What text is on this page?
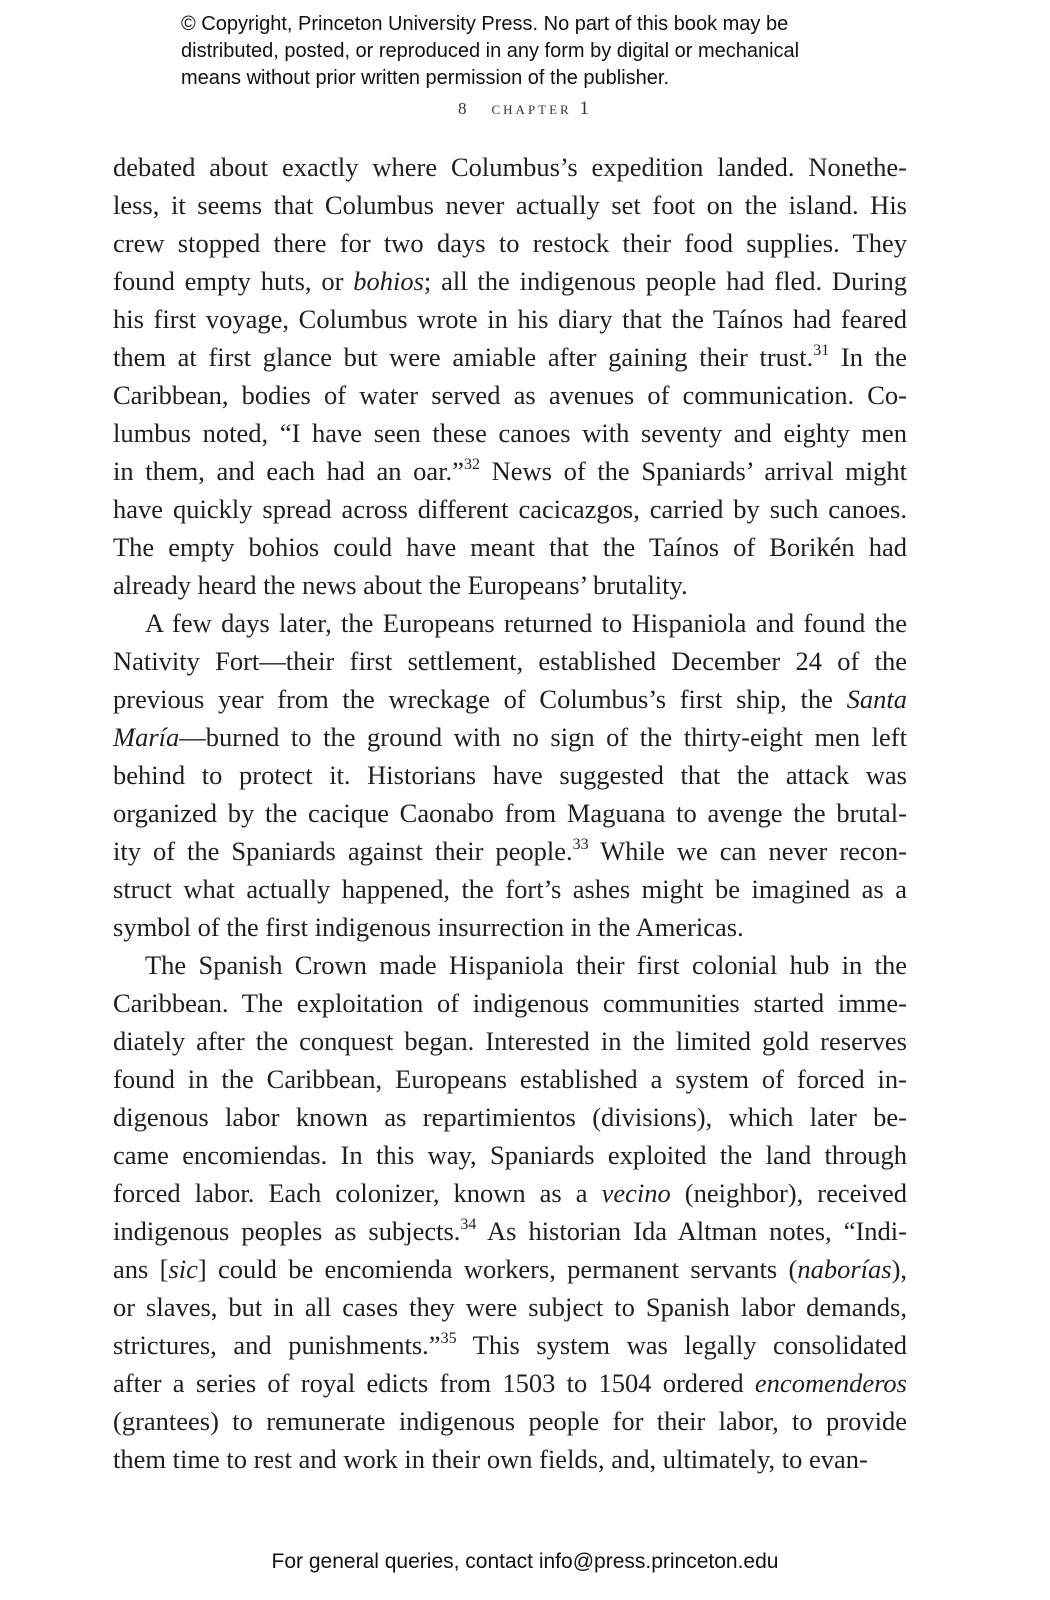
© Copyright, Princeton University Press. No part of this book may be
distributed, posted, or reproduced in any form by digital or mechanical
means without prior written permission of the publisher.
8 chapter 1
debated about exactly where Columbus’s expedition landed. Nonethe-
less, it seems that Columbus never actually set foot on the island. His
crew stopped there for two days to restock their food supplies. They
found empty huts, or bohios; all the indigenous people had fled. During
his first voyage, Columbus wrote in his diary that the Taínos had feared
them at first glance but were amiable after gaining their trust.$^{31}$ In the
Caribbean, bodies of water served as avenues of communication. Co-
lumbus noted, “I have seen these canoes with seventy and eighty men
in them, and each had an oar.”$^{32}$ News of the Spaniards’ arrival might
have quickly spread across different cacicazgos, carried by such canoes.
The empty bohios could have meant that the Taínos of Borikén had
already heard the news about the Europeans’ brutality.
A few days later, the Europeans returned to Hispaniola and found the
Nativity Fort—their first settlement, established December 24 of the
previous year from the wreckage of Columbus’s first ship, the Santa
María—burned to the ground with no sign of the thirty-eight men left
behind to protect it. Historians have suggested that the attack was
organized by the cacique Caonabo from Maguana to avenge the brutal-
ity of the Spaniards against their people.$^{33}$ While we can never recon-
struct what actually happened, the fort’s ashes might be imagined as a
symbol of the first indigenous insurrection in the Americas.
The Spanish Crown made Hispaniola their first colonial hub in the
Caribbean. The exploitation of indigenous communities started imme-
diately after the conquest began. Interested in the limited gold reserves
found in the Caribbean, Europeans established a system of forced in-
digenous labor known as repartimientos (divisions), which later be-
came encomiendas. In this way, Spaniards exploited the land through
forced labor. Each colonizer, known as a vecino (neighbor), received
indigenous peoples as subjects.$^{34}$ As historian Ida Altman notes, “Indi-
ans [sic] could be encomienda workers, permanent servants (naborías),
or slaves, but in all cases they were subject to Spanish labor demands,
strictures, and punishments.”$^{35}$ This system was legally consolidated
after a series of royal edicts from 1503 to 1504 ordered encomenderos
(grantees) to remunerate indigenous people for their labor, to provide
them time to rest and work in their own fields, and, ultimately, to evan-
For general queries, contact info@press.princeton.edu
